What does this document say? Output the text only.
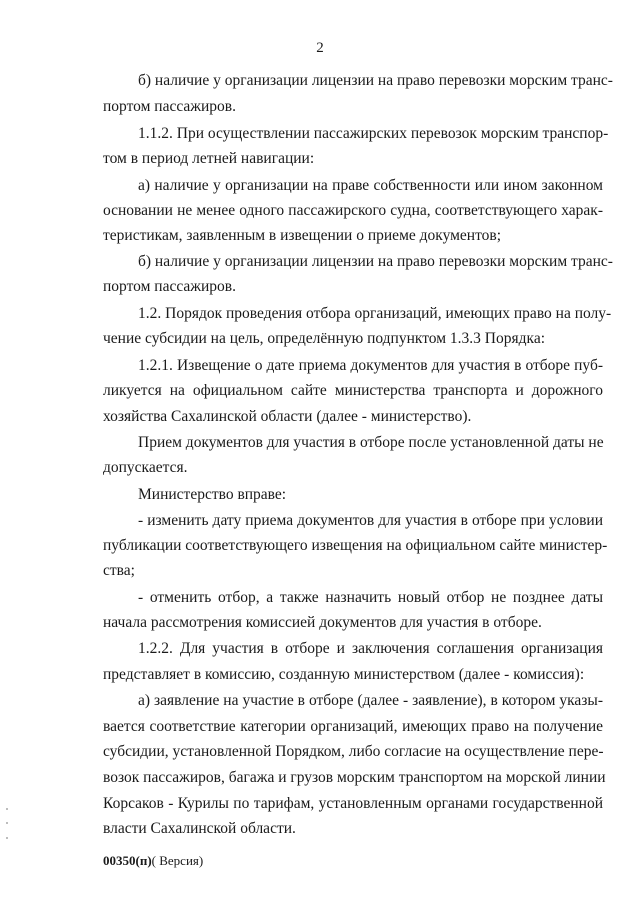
2
б) наличие у организации лицензии на право перевозки морским транс-
портом пассажиров.
1.1.2. При осуществлении пассажирских перевозок морским транспор-
том в период летней навигации:
а) наличие у организации на праве собственности или ином законном
основании не менее одного пассажирского судна, соответствующего харак-
теристикам, заявленным в извещении о приеме документов;
б) наличие у организации лицензии на право перевозки морским транс-
портом пассажиров.
1.2. Порядок проведения отбора организаций, имеющих право на полу-
чение субсидии на цель, определённую подпунктом 1.3.3 Порядка:
1.2.1. Извещение о дате приема документов для участия в отборе пуб-
ликуется на официальном сайте министерства транспорта и дорожного
хозяйства Сахалинской области (далее - министерство).
Прием документов для участия в отборе после установленной даты не
допускается.
Министерство вправе:
- изменить дату приема документов для участия в отборе при условии
публикации соответствующего извещения на официальном сайте министер-
ства;
- отменить отбор, а также назначить новый отбор не позднее даты
начала рассмотрения комиссией документов для участия в отборе.
1.2.2. Для участия в отборе и заключения соглашения организация
представляет в комиссию, созданную министерством (далее - комиссия):
а) заявление на участие в отборе (далее - заявление), в котором указы-
вается соответствие категории организаций, имеющих право на получение
субсидии, установленной Порядком, либо согласие на осуществление пере-
возок пассажиров, багажа и грузов морским транспортом на морской линии
Корсаков - Курилы по тарифам, установленным органами государственной
власти Сахалинской области.
00350(п)( Версия)
